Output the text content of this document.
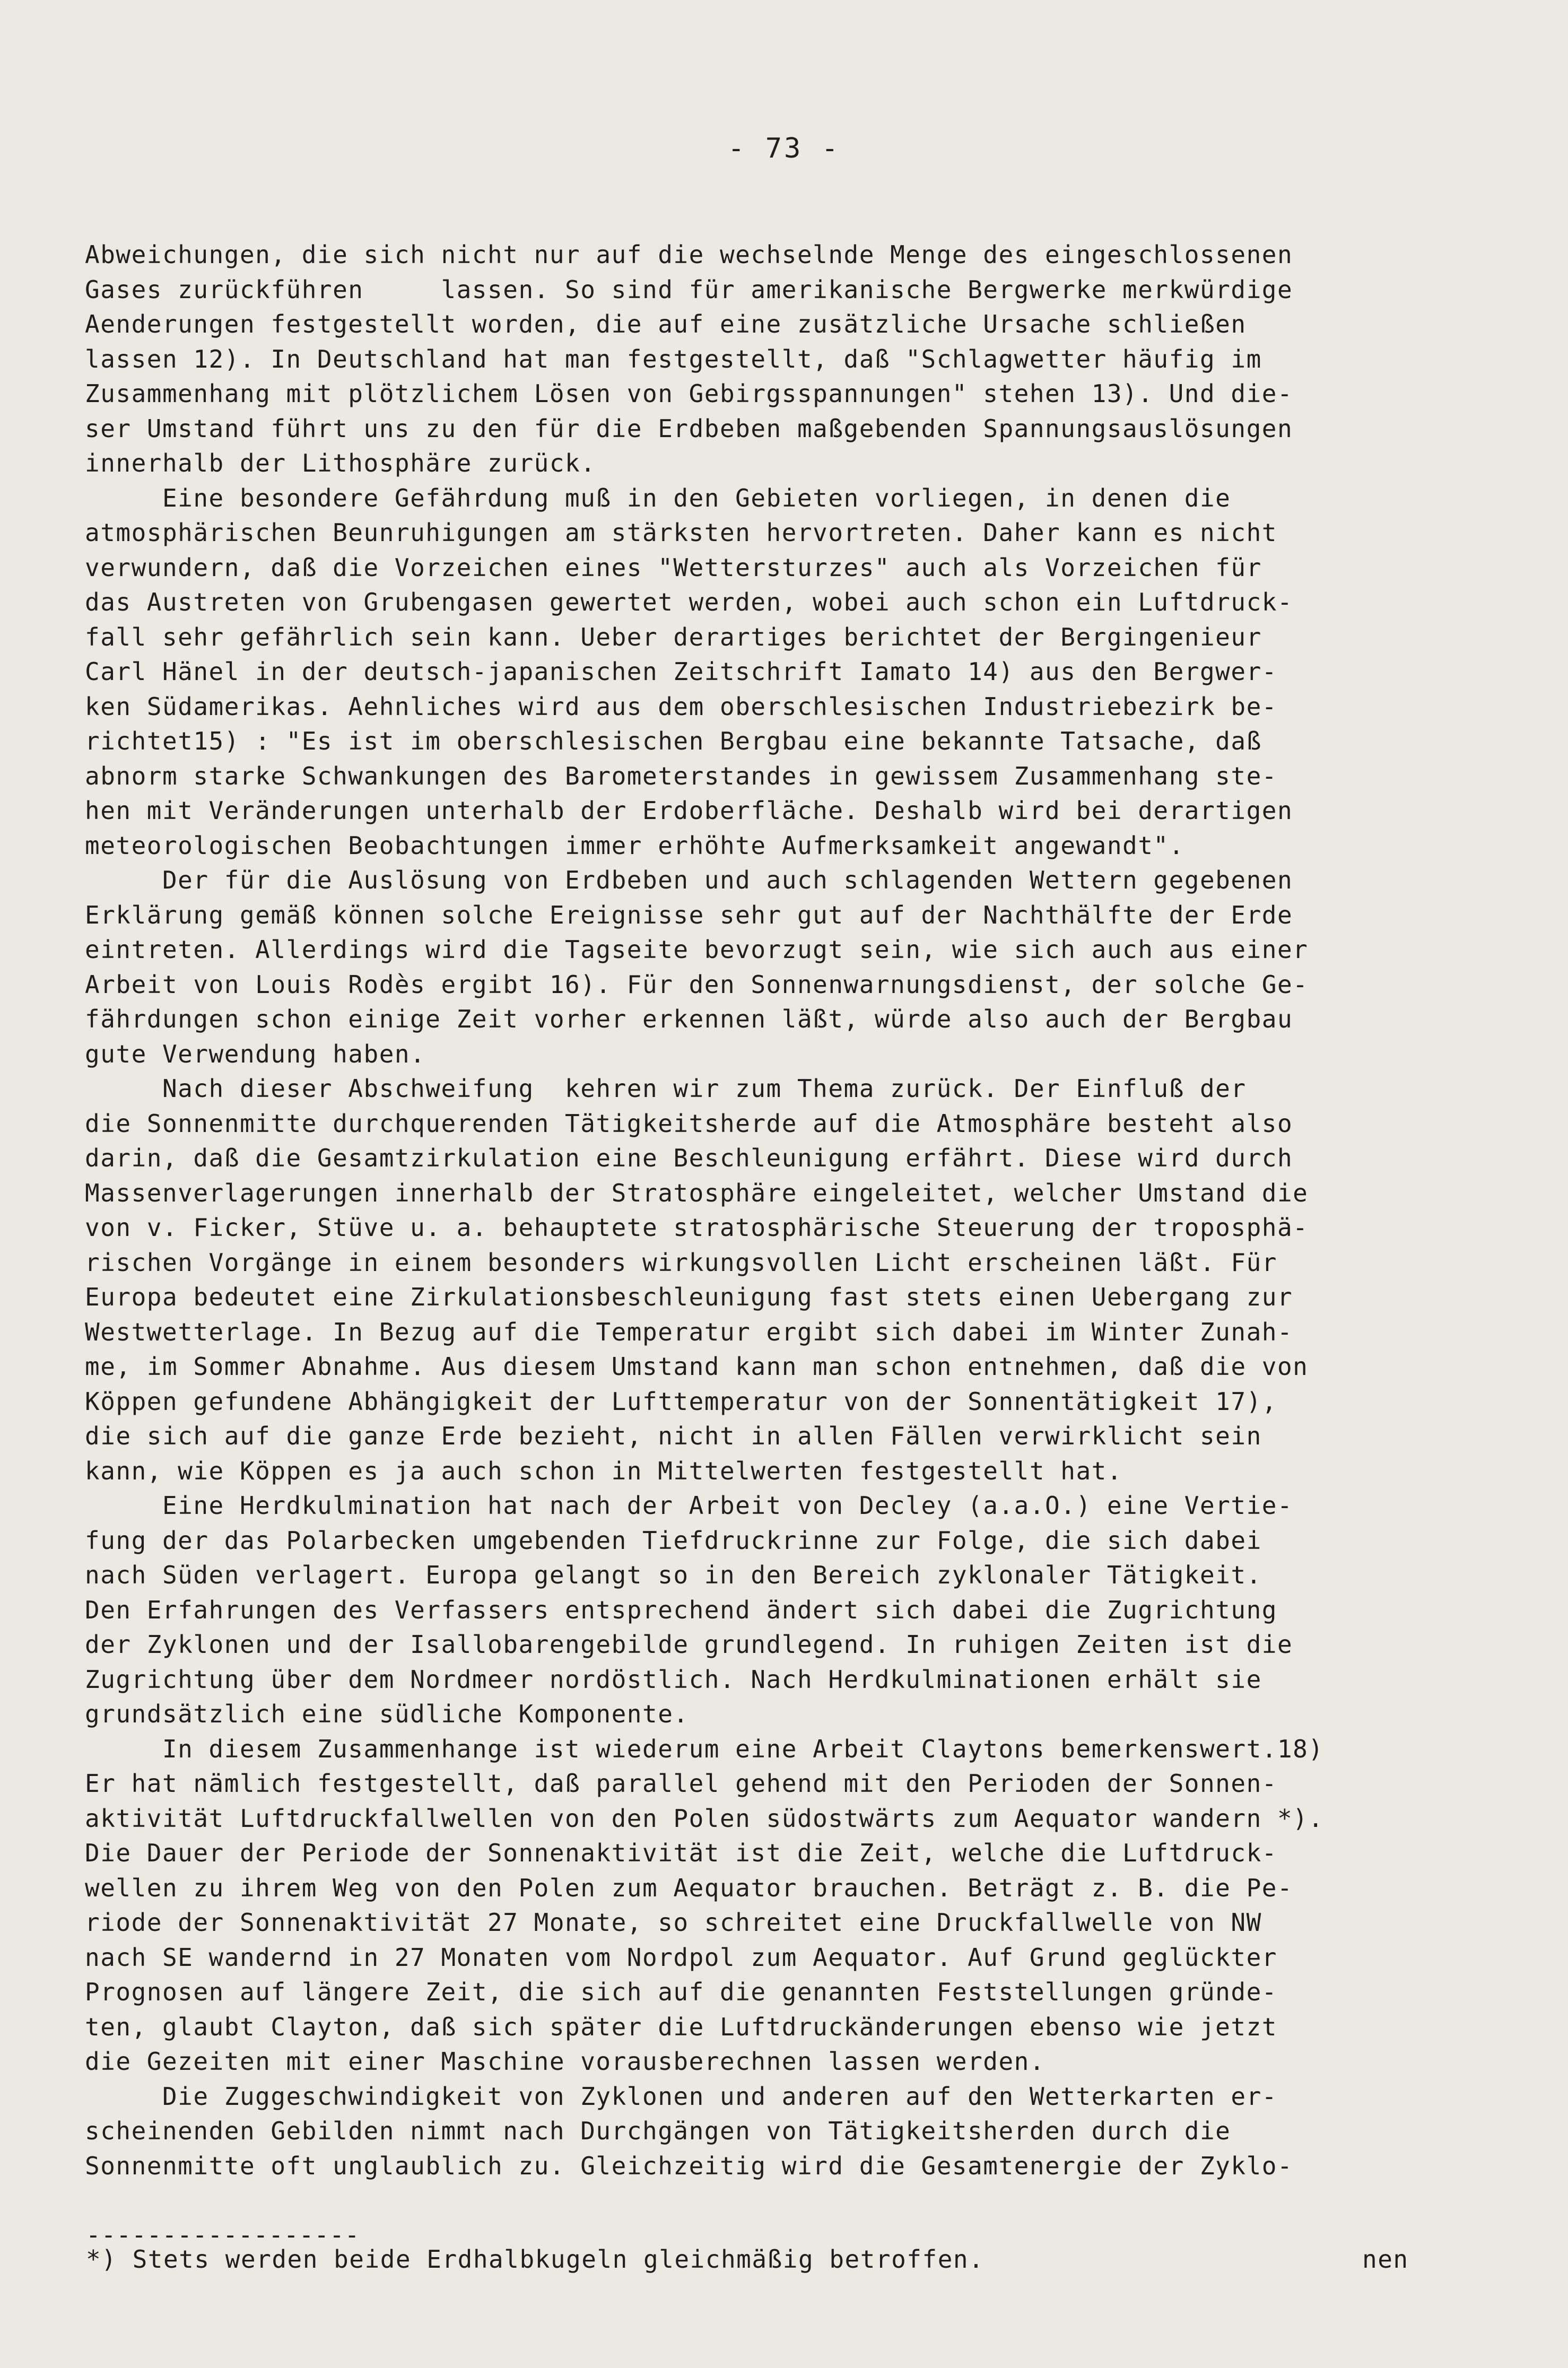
- 73 -
Abweichungen, die sich nicht nur auf die wechselnde Menge des eingeschlossenen
Gases zurückführen     lassen. So sind für amerikanische Bergwerke merkwürdige
Aenderungen festgestellt worden, die auf eine zusätzliche Ursache schließen
lassen 12). In Deutschland hat man festgestellt, daß "Schlagwetter häufig im
Zusammenhang mit plötzlichem Lösen von Gebirgsspannungen" stehen 13). Und die-
ser Umstand führt uns zu den für die Erdbeben maßgebenden Spannungsauslösungen
innerhalb der Lithosphäre zurück.
Eine besondere Gefährdung muß in den Gebieten vorliegen, in denen die
atmosphärischen Beunruhigungen am stärksten hervortreten. Daher kann es nicht
verwundern, daß die Vorzeichen eines "Wettersturzes" auch als Vorzeichen für
das Austreten von Grubengasen gewertet werden, wobei auch schon ein Luftdruck-
fall sehr gefährlich sein kann. Ueber derartiges berichtet der Bergingenieur
Carl Hänel in der deutsch-japanischen Zeitschrift Iamato 14) aus den Bergwer-
ken Südamerikas. Aehnliches wird aus dem oberschlesischen Industriebezirk be-
richtet15) : "Es ist im oberschlesischen Bergbau eine bekannte Tatsache, daß
abnorm starke Schwankungen des Barometerstandes in gewissem Zusammenhang ste-
hen mit Veränderungen unterhalb der Erdoberfläche. Deshalb wird bei derartigen
meteorologischen Beobachtungen immer erhöhte Aufmerksamkeit angewandt".
Der für die Auslösung von Erdbeben und auch schlagenden Wettern gegebenen
Erklärung gemäß können solche Ereignisse sehr gut auf der Nachthälfte der Erde
eintreten. Allerdings wird die Tagseite bevorzugt sein, wie sich auch aus einer
Arbeit von Louis Rodès ergibt 16). Für den Sonnenwarnungsdienst, der solche Ge-
fährdungen schon einige Zeit vorher erkennen läßt, würde also auch der Bergbau
gute Verwendung haben.
Nach dieser Abschweifung  kehren wir zum Thema zurück. Der Einfluß der
die Sonnenmitte durchquerenden Tätigkeitsherde auf die Atmosphäre besteht also
darin, daß die Gesamtzirkulation eine Beschleunigung erfährt. Diese wird durch
Massenverlagerungen innerhalb der Stratosphäre eingeleitet, welcher Umstand die
von v. Ficker, Stüve u. a. behauptete stratosphärische Steuerung der troposphä-
rischen Vorgänge in einem besonders wirkungsvollen Licht erscheinen läßt. Für
Europa bedeutet eine Zirkulationsbeschleunigung fast stets einen Uebergang zur
Westwetterlage. In Bezug auf die Temperatur ergibt sich dabei im Winter Zunah-
me, im Sommer Abnahme. Aus diesem Umstand kann man schon entnehmen, daß die von
Köppen gefundene Abhängigkeit der Lufttemperatur von der Sonnentätigkeit 17),
die sich auf die ganze Erde bezieht, nicht in allen Fällen verwirklicht sein
kann, wie Köppen es ja auch schon in Mittelwerten festgestellt hat.
Eine Herdkulmination hat nach der Arbeit von Decley (a.a.O.) eine Vertie-
fung der das Polarbecken umgebenden Tiefdruckrinne zur Folge, die sich dabei
nach Süden verlagert. Europa gelangt so in den Bereich zyklonaler Tätigkeit.
Den Erfahrungen des Verfassers entsprechend ändert sich dabei die Zugrichtung
der Zyklonen und der Isallobarengebilde grundlegend. In ruhigen Zeiten ist die
Zugrichtung über dem Nordmeer nordöstlich. Nach Herdkulminationen erhält sie
grundsätzlich eine südliche Komponente.
In diesem Zusammenhange ist wiederum eine Arbeit Claytons bemerkenswert.18)
Er hat nämlich festgestellt, daß parallel gehend mit den Perioden der Sonnen-
aktivität Luftdruckfallwellen von den Polen südostwärts zum Aequator wandern *).
Die Dauer der Periode der Sonnenaktivität ist die Zeit, welche die Luftdruck-
wellen zu ihrem Weg von den Polen zum Aequator brauchen. Beträgt z. B. die Pe-
riode der Sonnenaktivität 27 Monate, so schreitet eine Druckfallwelle von NW
nach SE wandernd in 27 Monaten vom Nordpol zum Aequator. Auf Grund geglückter
Prognosen auf längere Zeit, die sich auf die genannten Feststellungen gründe-
ten, glaubt Clayton, daß sich später die Luftdruckänderungen ebenso wie jetzt
die Gezeiten mit einer Maschine vorausberechnen lassen werden.
Die Zuggeschwindigkeit von Zyklonen und anderen auf den Wetterkarten er-
scheinenden Gebilden nimmt nach Durchgängen von Tätigkeitsherden durch die
Sonnenmitte oft unglaublich zu. Gleichzeitig wird die Gesamtenergie der Zyklo-
------------------
*) Stets werden beide Erdhalbkugeln gleichmäßig betroffen.	nen
